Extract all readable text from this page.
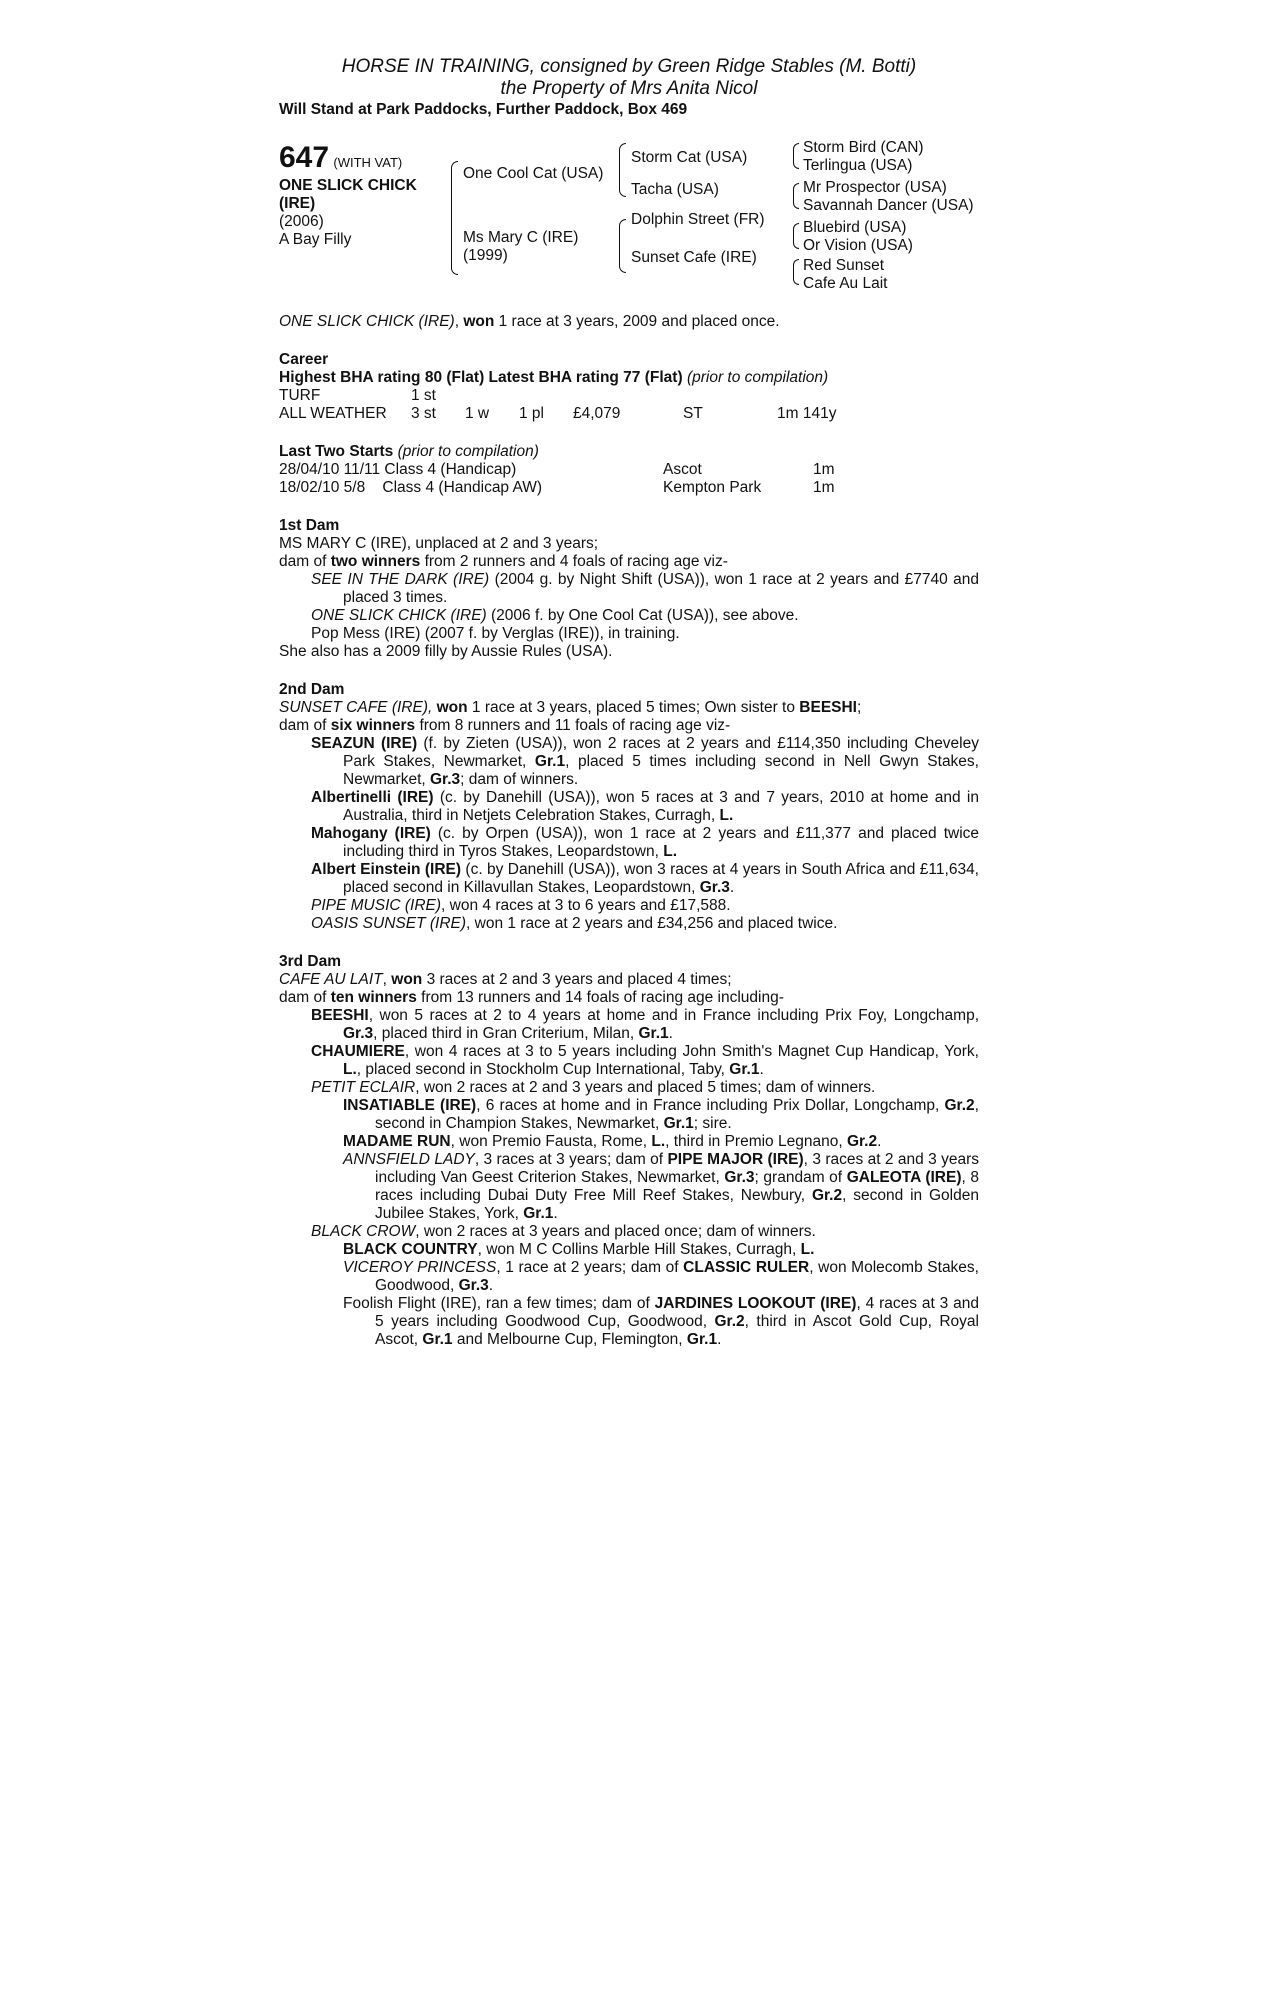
HORSE IN TRAINING, consigned by Green Ridge Stables (M. Botti)
the Property of Mrs Anita Nicol
Will Stand at Park Paddocks, Further Paddock, Box 469
647 (WITH VAT)
ONE SLICK CHICK
(IRE)
(2006)
A Bay Filly
One Cool Cat (USA)
Ms Mary C (IRE)
(1999)
Storm Cat (USA)
Tacha (USA)
Dolphin Street (FR)
Sunset Cafe (IRE)
Storm Bird (CAN)
Terlingua (USA)
Mr Prospector (USA)
Savannah Dancer (USA)
Bluebird (USA)
Or Vision (USA)
Red Sunset
Cafe Au Lait
ONE SLICK CHICK (IRE), won 1 race at 3 years, 2009 and placed once.
Career
Highest BHA rating 80 (Flat) Latest BHA rating 77 (Flat) (prior to compilation)
TURF	1 st					
ALL WEATHER	3 st	1 w	1 pl	£4,079	ST	1m 141y
Last Two Starts (prior to compilation)
28/04/10 11/11 Class 4 (Handicap)	Ascot	1m
18/02/10 5/8    Class 4 (Handicap AW)	Kempton Park	1m
1st Dam
MS MARY C (IRE), unplaced at 2 and 3 years;
dam of two winners from 2 runners and 4 foals of racing age viz-
SEE IN THE DARK (IRE) (2004 g. by Night Shift (USA)), won 1 race at 2 years and £7740 and placed 3 times.
ONE SLICK CHICK (IRE) (2006 f. by One Cool Cat (USA)), see above.
Pop Mess (IRE) (2007 f. by Verglas (IRE)), in training.
She also has a 2009 filly by Aussie Rules (USA).
2nd Dam
SUNSET CAFE (IRE), won 1 race at 3 years, placed 5 times; Own sister to BEESHI;
dam of six winners from 8 runners and 11 foals of racing age viz-
SEAZUN (IRE) (f. by Zieten (USA)), won 2 races at 2 years and £114,350 including Cheveley Park Stakes, Newmarket, Gr.1, placed 5 times including second in Nell Gwyn Stakes, Newmarket, Gr.3; dam of winners.
Albertinelli (IRE) (c. by Danehill (USA)), won 5 races at 3 and 7 years, 2010 at home and in Australia, third in Netjets Celebration Stakes, Curragh, L.
Mahogany (IRE) (c. by Orpen (USA)), won 1 race at 2 years and £11,377 and placed twice including third in Tyros Stakes, Leopardstown, L.
Albert Einstein (IRE) (c. by Danehill (USA)), won 3 races at 4 years in South Africa and £11,634, placed second in Killavullan Stakes, Leopardstown, Gr.3.
PIPE MUSIC (IRE), won 4 races at 3 to 6 years and £17,588.
OASIS SUNSET (IRE), won 1 race at 2 years and £34,256 and placed twice.
3rd Dam
CAFE AU LAIT, won 3 races at 2 and 3 years and placed 4 times;
dam of ten winners from 13 runners and 14 foals of racing age including-
BEESHI, won 5 races at 2 to 4 years at home and in France including Prix Foy, Longchamp, Gr.3, placed third in Gran Criterium, Milan, Gr.1.
CHAUMIERE, won 4 races at 3 to 5 years including John Smith's Magnet Cup Handicap, York, L., placed second in Stockholm Cup International, Taby, Gr.1.
PETIT ECLAIR, won 2 races at 2 and 3 years and placed 5 times; dam of winners.
INSATIABLE (IRE), 6 races at home and in France including Prix Dollar, Longchamp, Gr.2, second in Champion Stakes, Newmarket, Gr.1; sire.
MADAME RUN, won Premio Fausta, Rome, L., third in Premio Legnano, Gr.2.
ANNSFIELD LADY, 3 races at 3 years; dam of PIPE MAJOR (IRE), 3 races at 2 and 3 years including Van Geest Criterion Stakes, Newmarket, Gr.3; grandam of GALEOTA (IRE), 8 races including Dubai Duty Free Mill Reef Stakes, Newbury, Gr.2, second in Golden Jubilee Stakes, York, Gr.1.
BLACK CROW, won 2 races at 3 years and placed once; dam of winners.
BLACK COUNTRY, won M C Collins Marble Hill Stakes, Curragh, L.
VICEROY PRINCESS, 1 race at 2 years; dam of CLASSIC RULER, won Molecomb Stakes, Goodwood, Gr.3.
Foolish Flight (IRE), ran a few times; dam of JARDINES LOOKOUT (IRE), 4 races at 3 and 5 years including Goodwood Cup, Goodwood, Gr.2, third in Ascot Gold Cup, Royal Ascot, Gr.1 and Melbourne Cup, Flemington, Gr.1.
